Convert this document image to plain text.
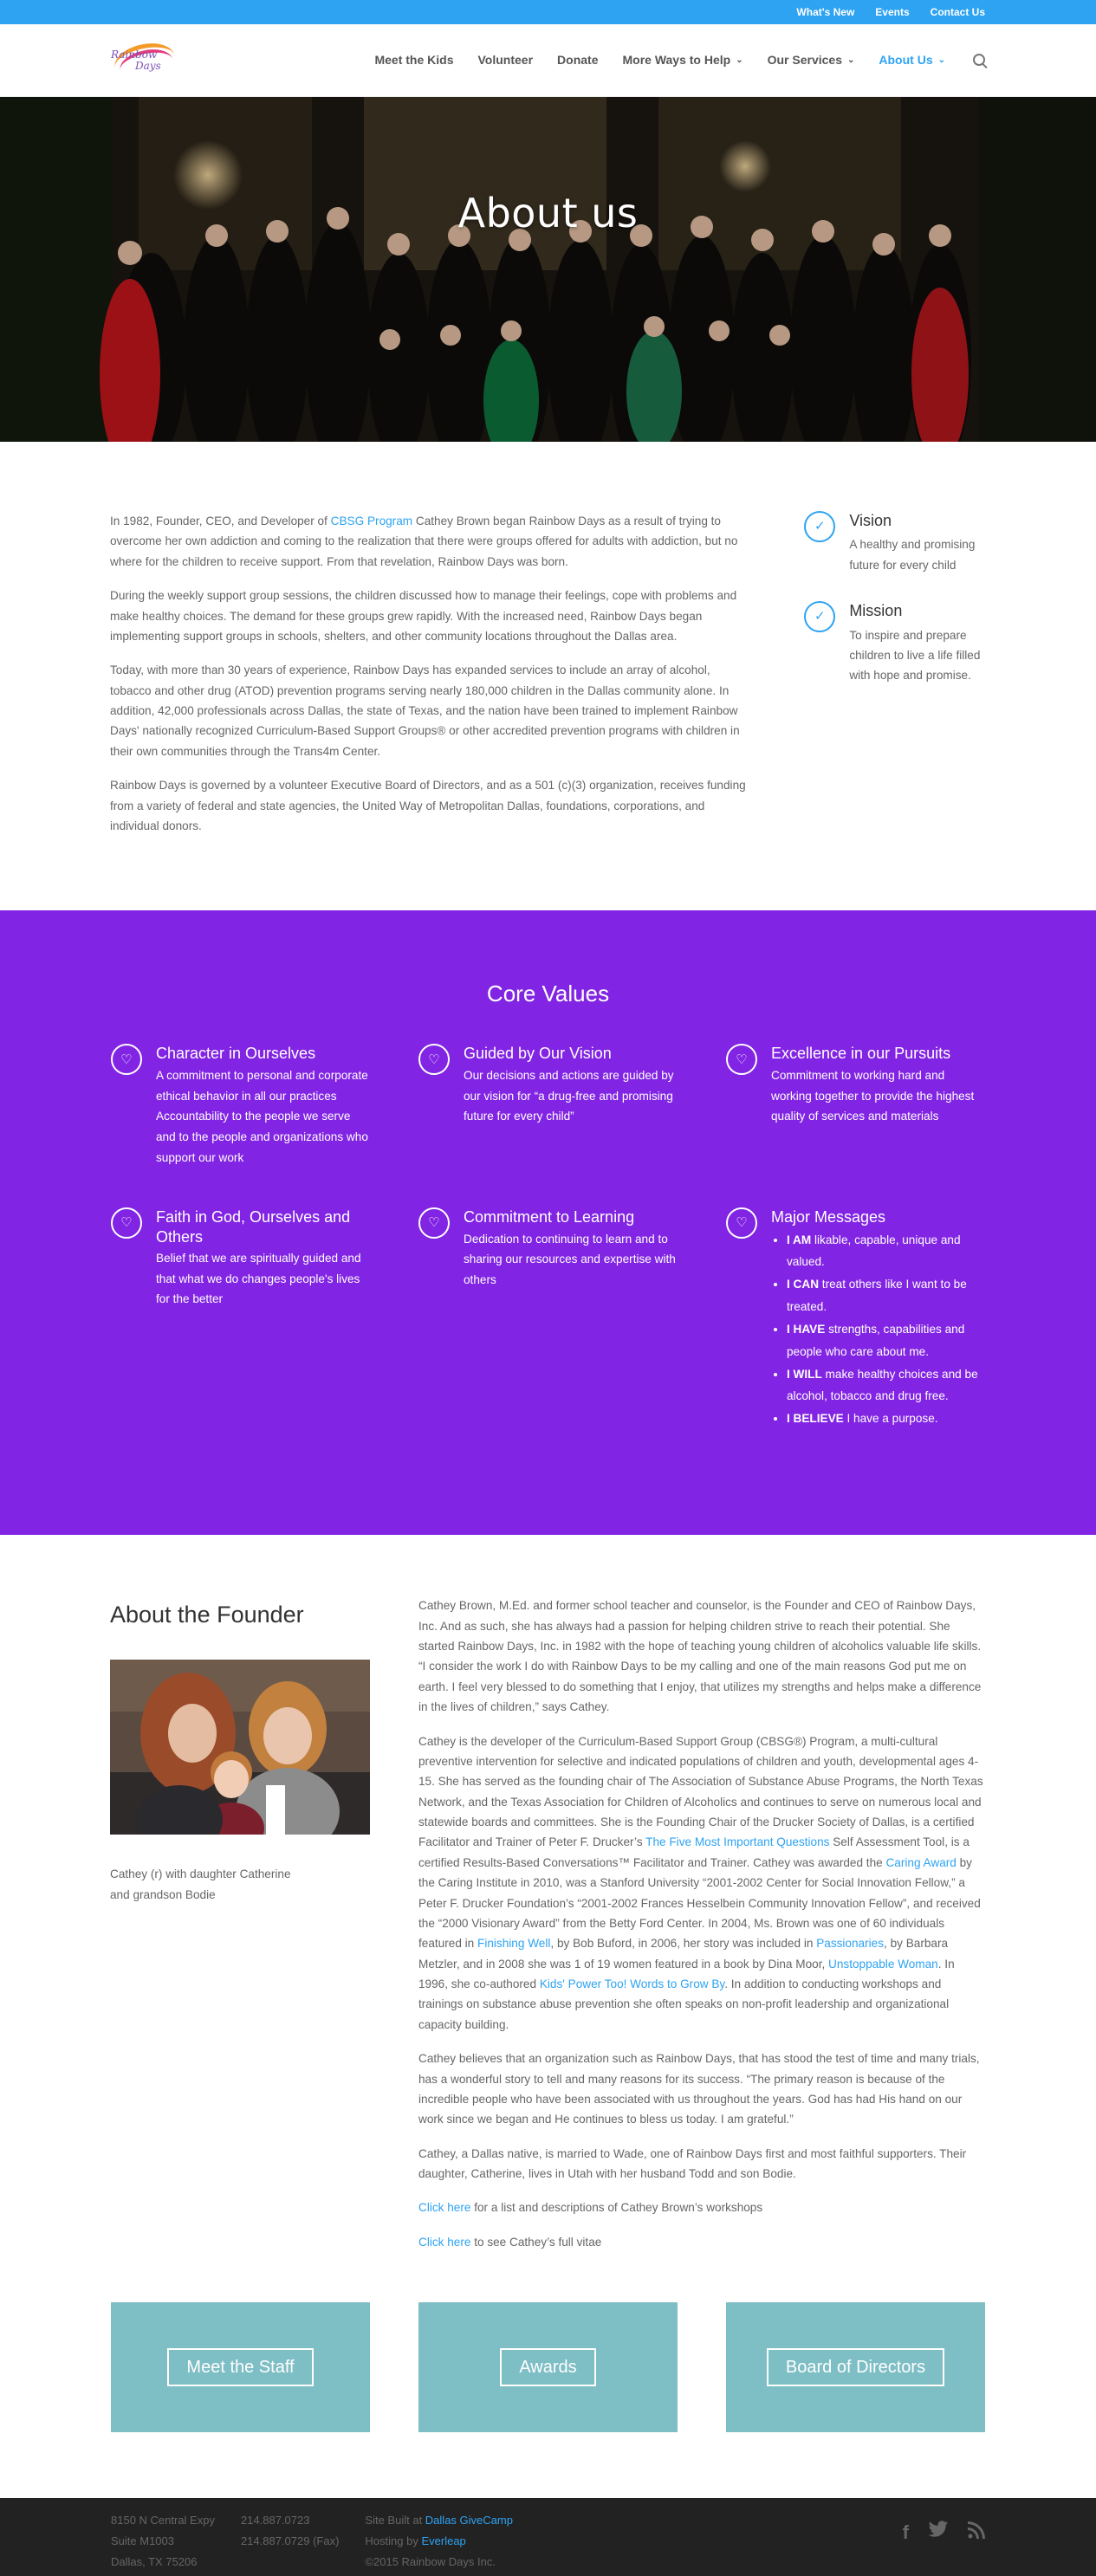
What's New Events Contact Us
Rainbow
Days	Meet the Kids Volunteer Donate More Ways to Help ⌄ Our Services ⌄ About Us ⌄
About us

In 1982, Founder, CEO, and Developer of CBSG Program Cathey Brown began Rainbow Days as a result of trying to overcome her own addiction and coming to the realization that there were groups offered for adults with addiction, but no where for the children to receive support. From that revelation, Rainbow Days was born.

During the weekly support group sessions, the children discussed how to manage their feelings, cope with problems and make healthy choices. The demand for these groups grew rapidly. With the increased need, Rainbow Days began implementing support groups in schools, shelters, and other community locations throughout the Dallas area.

Today, with more than 30 years of experience, Rainbow Days has expanded services to include an array of alcohol, tobacco and other drug (ATOD) prevention programs serving nearly 180,000 children in the Dallas community alone. In addition, 42,000 professionals across Dallas, the state of Texas, and the nation have been trained to implement Rainbow Days' nationally recognized Curriculum-Based Support Groups® or other accredited prevention programs with children in their own communities through the Trans4m Center.

Rainbow Days is governed by a volunteer Executive Board of Directors, and as a 501 (c)(3) organization, receives funding from a variety of federal and state agencies, the United Way of Metropolitan Dallas, foundations, corporations, and individual donors.

✓	Vision

A healthy and promising future for every child

✓	Mission

To inspire and prepare children to live a life filled with hope and promise.

Core Values
♡	Character in Ourselves

A commitment to personal and corporate ethical behavior in all our practices

Accountability to the people we serve and to the people and organizations who support our work

♡	Guided by Our Vision

Our decisions and actions are guided by our vision for “a drug-free and promising future for every child”

♡	Excellence in our Pursuits

Commitment to working hard and working together to provide the highest quality of services and materials

♡	Faith in God, Ourselves and Others

Belief that we are spiritually guided and that what we do changes people's lives for the better

♡	Commitment to Learning

Dedication to continuing to learn and to sharing our resources and expertise with others

♡	Major Messages
• I AM likable, capable, unique and valued.
• I CAN treat others like I want to be treated.
• I HAVE strengths, capabilities and people who care about me.
• I WILL make healthy choices and be alcohol, tobacco and drug free.
• I BELIEVE I have a purpose.
About the Founder
Cathey (r) with daughter Catherine
and grandson Bodie

Cathey Brown, M.Ed. and former school teacher and counselor, is the Founder and CEO of Rainbow Days, Inc. And as such, she has always had a passion for helping children strive to reach their potential. She started Rainbow Days, Inc. in 1982 with the hope of teaching young children of alcoholics valuable life skills. “I consider the work I do with Rainbow Days to be my calling and one of the main reasons God put me on earth. I feel very blessed to do something that I enjoy, that utilizes my strengths and helps make a difference in the lives of children,” says Cathey.

Cathey is the developer of the Curriculum-Based Support Group (CBSG®) Program, a multi-cultural preventive intervention for selective and indicated populations of children and youth, developmental ages 4-15. She has served as the founding chair of The Association of Substance Abuse Programs, the North Texas Network, and the Texas Association for Children of Alcoholics and continues to serve on numerous local and statewide boards and committees. She is the Founding Chair of the Drucker Society of Dallas, is a certified Facilitator and Trainer of Peter F. Drucker’s The Five Most Important Questions Self Assessment Tool, is a certified Results-Based Conversations™ Facilitator and Trainer. Cathey was awarded the Caring Award by the Caring Institute in 2010, was a Stanford University “2001-2002 Center for Social Innovation Fellow,” a Peter F. Drucker Foundation’s “2001-2002 Frances Hesselbein Community Innovation Fellow”, and received the “2000 Visionary Award” from the Betty Ford Center. In 2004, Ms. Brown was one of 60 individuals featured in Finishing Well, by Bob Buford, in 2006, her story was included in Passionaries, by Barbara Metzler, and in 2008 she was 1 of 19 women featured in a book by Dina Moor, Unstoppable Woman. In 1996, she co-authored Kids' Power Too! Words to Grow By. In addition to conducting workshops and trainings on substance abuse prevention she often speaks on non-profit leadership and organizational capacity building.

Cathey believes that an organization such as Rainbow Days, that has stood the test of time and many trials, has a wonderful story to tell and many reasons for its success. “The primary reason is because of the incredible people who have been associated with us throughout the years. God has had His hand on our work since we began and He continues to bless us today. I am grateful.”

Cathey, a Dallas native, is married to Wade, one of Rainbow Days first and most faithful supporters. Their daughter, Catherine, lives in Utah with her husband Todd and son Bodie.

Click here for a list and descriptions of Cathey Brown’s workshops

Click here to see Cathey’s full vitae

Meet the Staff	Awards	Board of Directors
8150 N Central Expy
Suite M1003
Dallas, TX 75206
214.887.0723
214.887.0729 (Fax)
Site Built at Dallas GiveCamp
Hosting by Everleap
©2015 Rainbow Days Inc.
f
